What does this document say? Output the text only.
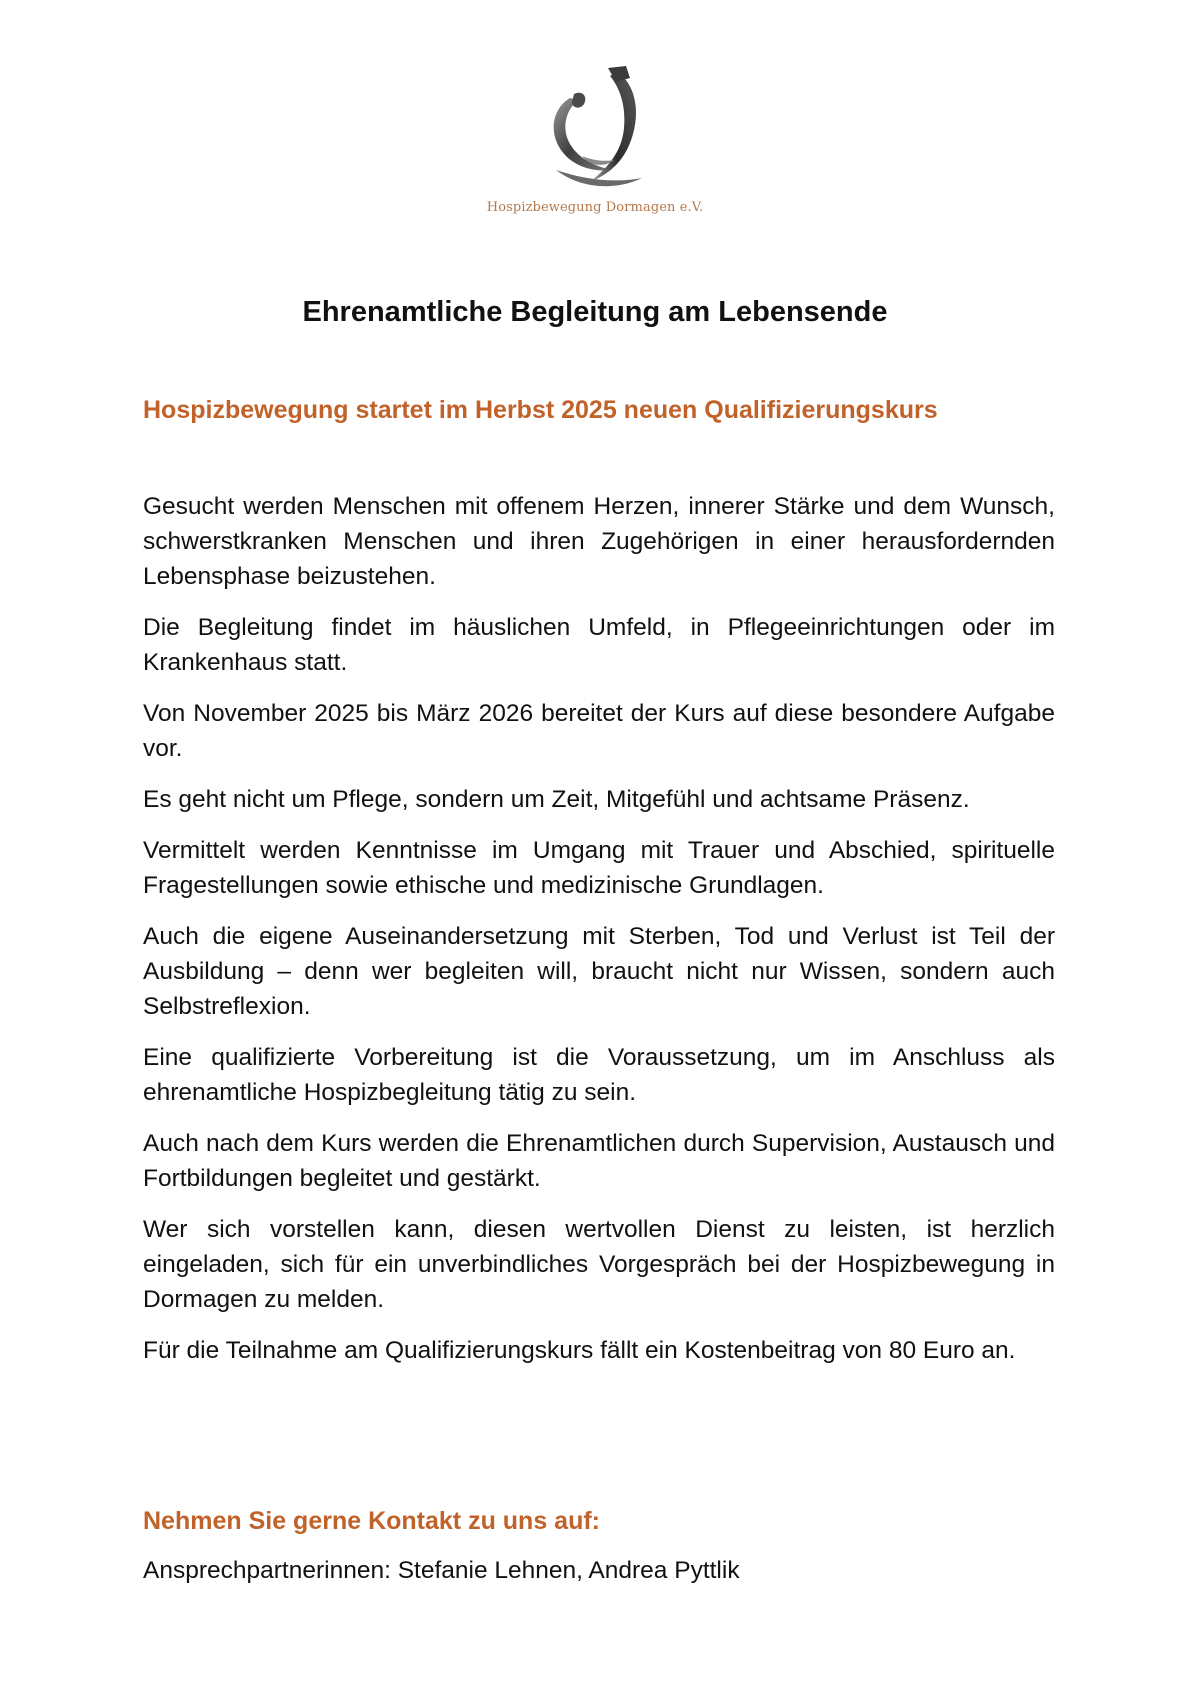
Hospizbewegung Dormagen e.V.
Ehrenamtliche Begleitung am Lebensende
Hospizbewegung startet im Herbst 2025 neuen Qualifizierungskurs

Gesucht werden Menschen mit offenem Herzen, innerer Stärke und dem Wunsch, schwerstkranken Menschen und ihren Zugehörigen in einer herausfordernden Lebensphase beizustehen.

Die Begleitung findet im häuslichen Umfeld, in Pflegeeinrichtungen oder im Krankenhaus statt.

Von November 2025 bis März 2026 bereitet der Kurs auf diese besondere Aufgabe vor.

Es geht nicht um Pflege, sondern um Zeit, Mitgefühl und achtsame Präsenz.

Vermittelt werden Kenntnisse im Umgang mit Trauer und Abschied, spirituelle Fragestellungen sowie ethische und medizinische Grundlagen.

Auch die eigene Auseinandersetzung mit Sterben, Tod und Verlust ist Teil der Ausbildung – denn wer begleiten will, braucht nicht nur Wissen, sondern auch Selbstreflexion.

Eine qualifizierte Vorbereitung ist die Voraussetzung, um im Anschluss als ehrenamtliche Hospizbegleitung tätig zu sein.

Auch nach dem Kurs werden die Ehrenamtlichen durch Supervision, Austausch und Fortbildungen begleitet und gestärkt.

Wer sich vorstellen kann, diesen wertvollen Dienst zu leisten, ist herzlich eingeladen, sich für ein unverbindliches Vorgespräch bei der Hospizbewegung in Dormagen zu melden.

Für die Teilnahme am Qualifizierungskurs fällt ein Kostenbeitrag von 80 Euro an.

Nehmen Sie gerne Kontakt zu uns auf:

Ansprechpartnerinnen: Stefanie Lehnen, Andrea Pyttlik
